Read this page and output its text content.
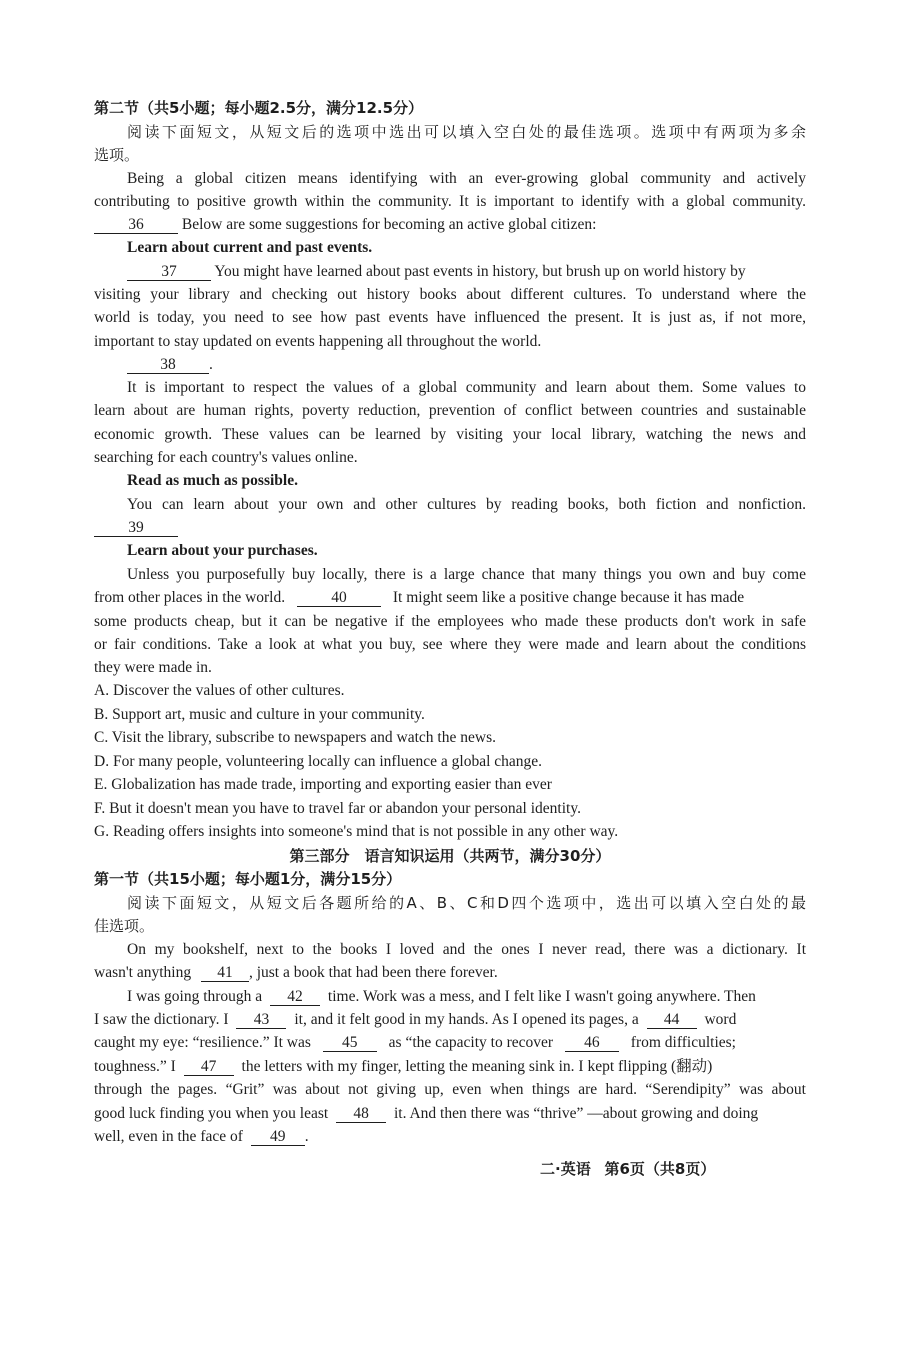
第二节（共5小题；每小题2.5分，满分12.5分）
阅读下面短文，从短文后的选项中选出可以填入空白处的最佳选项。选项中有两项为多余
选项。
Being a global citizen means identifying with an ever-growing global community and actively
contributing to positive growth within the community. It is important to identify with a global community.
36 Below are some suggestions for becoming an active global citizen:
Learn about current and past events.
37 You might have learned about past events in history, but brush up on world history by
visiting your library and checking out history books about different cultures. To understand where the
world is today, you need to see how past events have influenced the present. It is just as, if not more,
important to stay updated on events happening all throughout the world.
38 .
It is important to respect the values of a global community and learn about them. Some values to
learn about are human rights, poverty reduction, prevention of conflict between countries and sustainable
economic growth. These values can be learned by visiting your local library, watching the news and
searching for each country's values online.
Read as much as possible.
You can learn about your own and other cultures by reading books, both fiction and nonfiction.
39
Learn about your purchases.
Unless you purposefully buy locally, there is a large chance that many things you own and buy come
from other places in the world.	40	It might seem like a positive change because it has made
some products cheap, but it can be negative if the employees who made these products don't work in safe
or fair conditions. Take a look at what you buy, see where they were made and learn about the conditions
they were made in.
A. Discover the values of other cultures.
B. Support art, music and culture in your community.
C. Visit the library, subscribe to newspapers and watch the news.
D. For many people, volunteering locally can influence a global change.
E. Globalization has made trade, importing and exporting easier than ever
F. But it doesn't mean you have to travel far or abandon your personal identity.
G. Reading offers insights into someone's mind that is not possible in any other way.
第三部分　语言知识运用（共两节，满分30分）
第一节（共15小题；每小题1分，满分15分）
阅读下面短文，从短文后各题所给的A、B、C和D四个选项中，选出可以填入空白处的最
佳选项。
On my bookshelf, next to the books I loved and the ones I never read, there was a dictionary. It
wasn't anything 41 , just a book that had been there forever.
I was going through a 42 time. Work was a mess, and I felt like I wasn't going anywhere. Then
I saw the dictionary. I 43 it, and it felt good in my hands. As I opened its pages, a 44 word
caught my eye: “resilience.” It was 45 as “the capacity to recover 46 from difficulties;
toughness.” I 47 the letters with my finger, letting the meaning sink in. I kept flipping (翻动)
through the pages. “Grit” was about not giving up, even when things are hard. “Serendipity” was about
good luck finding you when you least 48 it. And then there was “thrive” —about growing and doing
well, even in the face of 49 .
二·英语 第6页（共8页）
